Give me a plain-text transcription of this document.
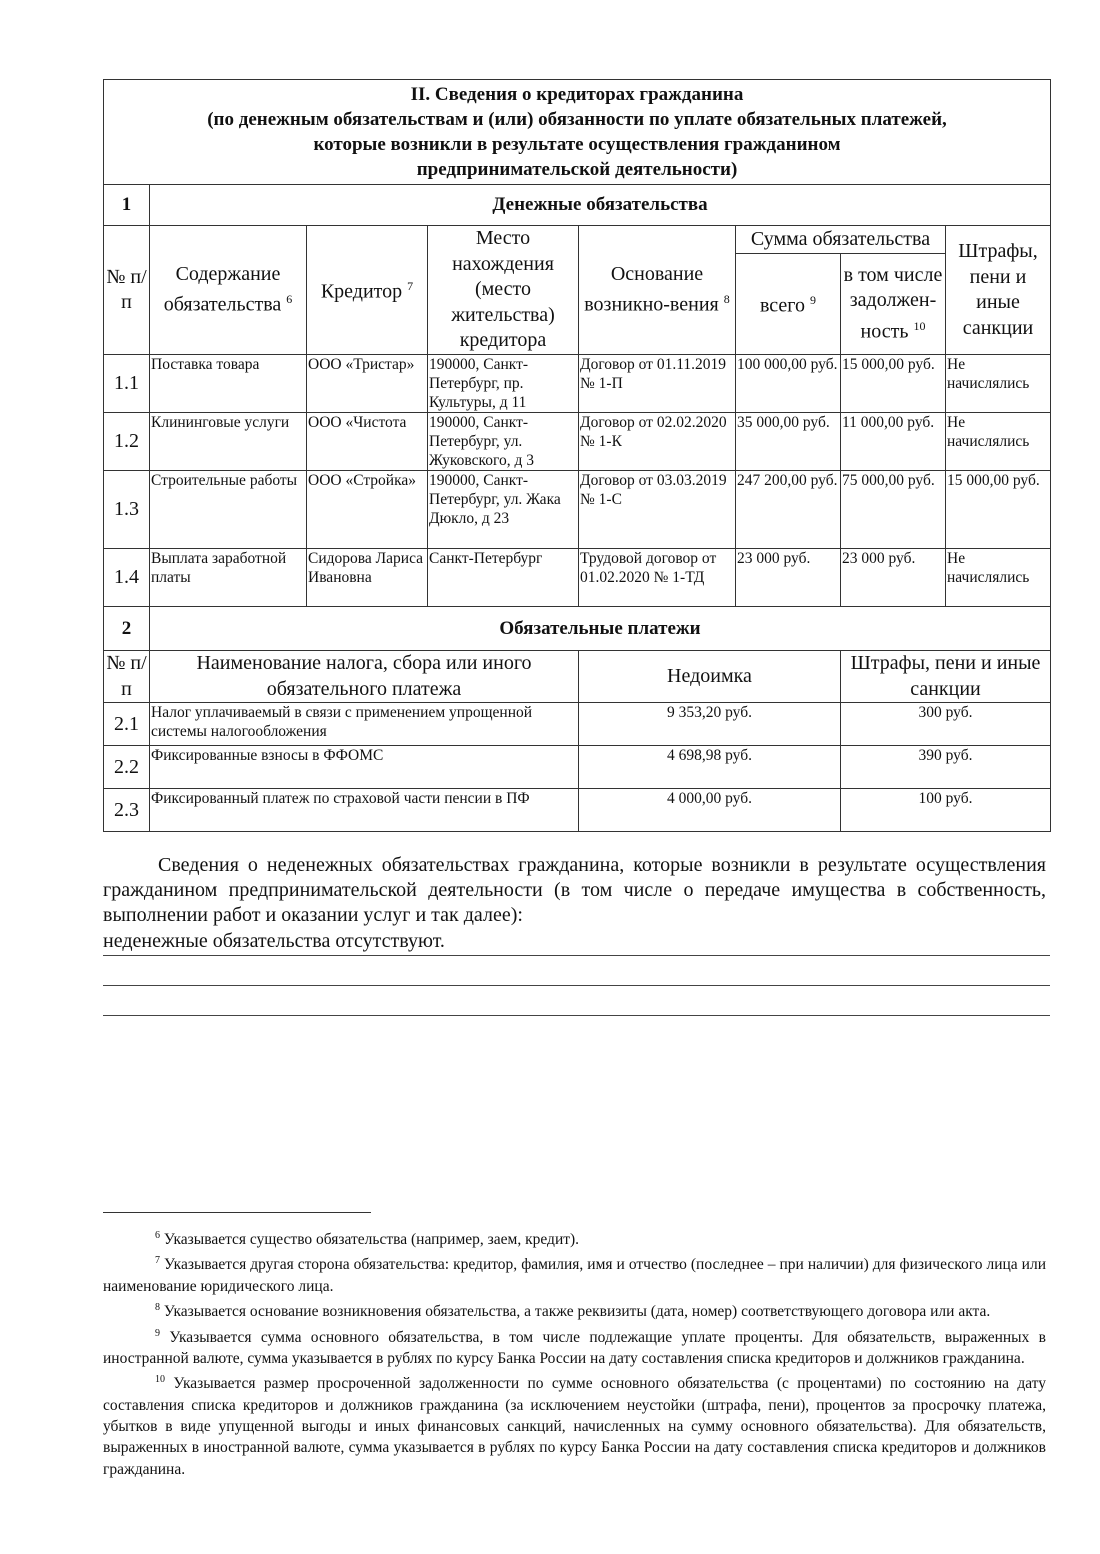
II. Сведения о кредиторах гражданина
(по денежным обязательствам и (или) обязанности по уплате обязательных платежей,
которые возникли в результате осуществления гражданином
предпринимательской деятельности)							

1	Денежные обязательства						
№ п/п	Содержание обязательства $^6$	Кредитор $^7$	Место нахождения (место жительства) кредитора	Основание возникно-вения $^8$	Сумма обязательства		Штрафы, пени и иные санкции
					всего $^9$	в том числе задолжен-ность $^{10}$
1.1	Поставка товара	ООО «Тристар»	190000, Санкт-Петербург, пр. Культуры, д 11	Договор от 01.11.2019 № 1-П	100 000,00 руб.	15 000,00 руб.	Не начислялись
1.2	Клининговые услуги	ООО «Чистота	190000, Санкт-Петербург, ул. Жуковского, д 3	Договор от 02.02.2020 № 1-К	35 000,00 руб.	11 000,00 руб.	Не начислялись
1.3	Строительные работы	ООО «Стройка»	190000, Санкт-Петербург, ул. Жака Дюкло, д 23	Договор от 03.03.2019 № 1-С	247 200,00 руб.	75 000,00 руб.	15 000,00 руб.
1.4	Выплата заработной платы	Сидорова Лариса Ивановна	Санкт-Петербург	Трудовой договор от 01.02.2020 № 1-ТД	23 000 руб.	23 000 руб.	Не начислялись
2	Обязательные платежи						
№ п/п	Наименование налога, сбора или иного обязательного платежа			Недоимка		Штрафы, пени и иные санкции	
2.1	Налог уплачиваемый в связи с применением упрощенной системы налогообложения			9 353,20 руб.		300 руб.	
2.2	Фиксированные взносы в ФФОМС			4 698,98 руб.		390 руб.	
2.3	Фиксированный платеж по страховой части пенсии в ПФ			4 000,00 руб.		100 руб.	
Сведения о неденежных обязательствах гражданина, которые возникли в результате осуществления гражданином предпринимательской деятельности (в том числе о передаче имущества в собственность, выполнении работ и оказании услуг и так далее):
неденежные обязательства отсутствуют.

$^6$ Указывается существо обязательства (например, заем, кредит).

$^7$ Указывается другая сторона обязательства: кредитор, фамилия, имя и отчество (последнее – при наличии) для физического лица или наименование юридического лица.

$^8$ Указывается основание возникновения обязательства, а также реквизиты (дата, номер) соответствующего договора или акта.

$^9$ Указывается сумма основного обязательства, в том числе подлежащие уплате проценты. Для обязательств, выраженных в иностранной валюте, сумма указывается в рублях по курсу Банка России на дату составления списка кредиторов и должников гражданина.

$^{10}$ Указывается размер просроченной задолженности по сумме основного обязательства (с процентами) по состоянию на дату составления списка кредиторов и должников гражданина (за исключением неустойки (штрафа, пени), процентов за просрочку платежа, убытков в виде упущенной выгоды и иных финансовых санкций, начисленных на сумму основного обязательства). Для обязательств, выраженных в иностранной валюте, сумма указывается в рублях по курсу Банка России на дату составления списка кредиторов и должников гражданина.
